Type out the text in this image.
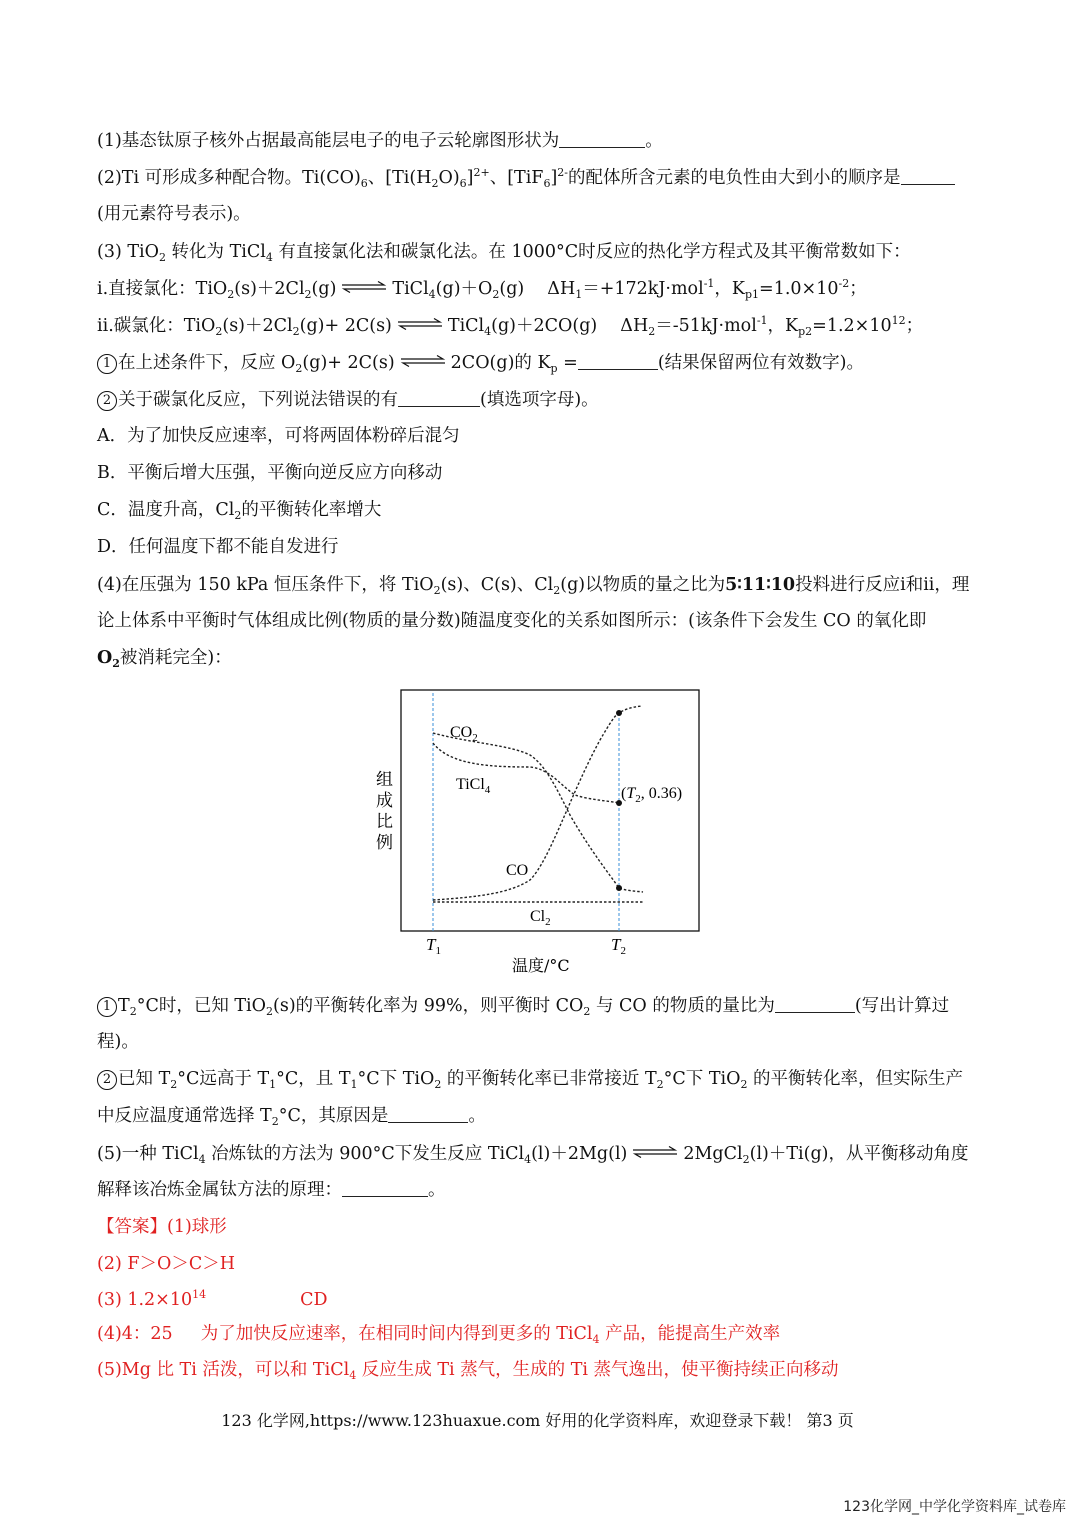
(1)基态钛原子核外占据最高能层电子的电子云轮廓图形状为	。
(2)Ti 可形成多种配合物。$Ti(CO)_6$、$[Ti(H_2O)_6]^{2+}$、$[TiF_6]^{2-}$的配体所含元素的电负性由大到小的顺序是
(用元素符号表示)。
(3) TiO$_2$ 转化为 TiCl$_4$ 有直接氯化法和碳氯化法。在 1000°C时反应的热化学方程式及其平衡常数如下：
i.直接氯化：$TiO_2(s)+2Cl_2(g)$ ⇌ $TiCl_4(g)+O_2(g)$　 $\Delta H_1=+172kJ\cdot mol^{-1}$，$K_{p1}=1.0\times 10^{-2}$；
ii.碳氯化：$TiO_2(s)+2Cl_2(g)+ 2C(s)$ ⇌ TiCl$_4$(g)＋2CO(g)　 $\Delta H_2=-51kJ\cdot mol^{-1}$，$K_{p2}=1.2\times 10^{12}$；
1 在上述条件下，反应 $O_2(g)+ 2C(s)$ ⇌ 2CO(g)的 $K_p$ =	(结果保留两位有效数字)。
2 关于碳氯化反应，下列说法错误的有	(填选项字母)。
A．为了加快反应速率，可将两固体粉碎后混匀
B．平衡后增大压强，平衡向逆反应方向移动
C．温度升高，$Cl_2$的平衡转化率增大
D．任何温度下都不能自发进行
(4)在压强为 150 kPa 恒压条件下，将 TiO$_2$(s)、C(s)、$Cl_2(g)$以物质的量之比为5∶11∶10投料进行反应i和ii，理
论上体系中平衡时气体组成比例(物质的量分数)随温度变化的关系如图所示：(该条件下会发生 CO 的氧化即
$O_2$被消耗完全)：
$CO_2$
TiCl$_4$
CO
$Cl_2$
($T_2$, 0.36)
组
成
比
例
$T_1$	$T_2$
温度/°C
1 $T_2^\circ C$时，已知 TiO$_2$(s)的平衡转化率为 99%，则平衡时 $CO_2$ 与 CO 的物质的量比为	(写出计算过
程)。
2 已知 $T_2^\circ C$远高于 $T_1^\circ C$，且 $T_1^\circ C$下 TiO$_2$ 的平衡转化率已非常接近 $T_2^\circ C$下 TiO$_2$ 的平衡转化率，但实际生产
中反应温度通常选择 $T_2^\circ C$，其原因是	。
(5)一种 TiCl$_4$ 冶炼钛的方法为 900°C下发生反应 TiCl$_4$(l)＋2Mg(l) ⇌ 2MgCl$_2$(l)＋Ti(g)，从平衡移动角度
解释该冶炼金属钛方法的原理：	。
【答案】(1)球形
(2) F＞O＞C＞H
(3) $1.2\times 10^{14}$	CD
(4)4：25 为了加快反应速率，在相同时间内得到更多的 TiCl$_4$ 产品，能提高生产效率
(5)Mg 比 Ti 活泼，可以和 TiCl$_4$ 反应生成 Ti 蒸气，生成的 Ti 蒸气逸出，使平衡持续正向移动
123 化学网,https://www.123huaxue.com 好用的化学资料库，欢迎登录下载！ 第3 页
123化学网_中学化学资料库_试卷库
